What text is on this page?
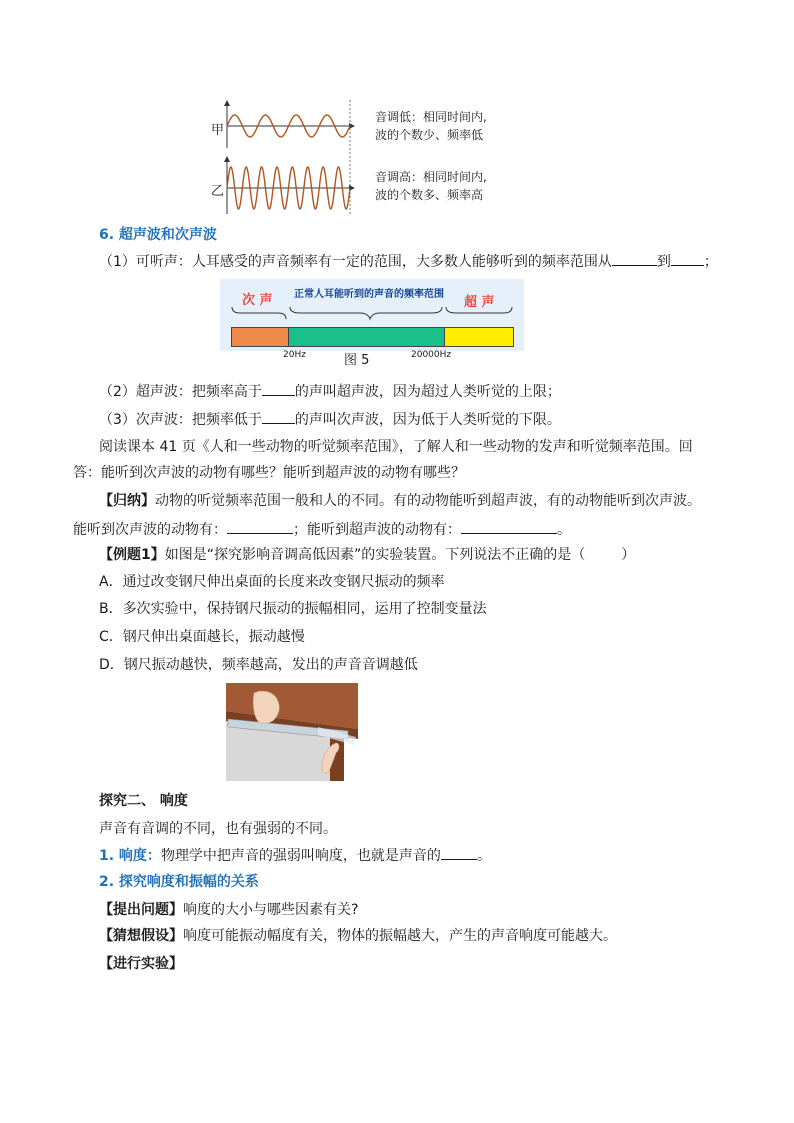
甲
乙
音调低：相同时间内,
波的个数少、频率低
音调高：相同时间内,
波的个数多、频率高
6. 超声波和次声波
（1）可听声：人耳感受的声音频率有一定的范围，大多数人能够听到的频率范围从	到 ；
次 声 正常人耳能听到的声音的频率范围
超 声
20Hz	20000Hz
图 5
（2）超声波：把频率高于 的声叫超声波，因为超过人类听觉的上限；
（3）次声波：把频率低于 的声叫次声波，因为低于人类听觉的下限。
阅读课本 41 页《人和一些动物的听觉频率范围》，了解人和一些动物的发声和听觉频率范围。回
答：能听到次声波的动物有哪些？能听到超声波的动物有哪些？
【归纳】动物的听觉频率范围一般和人的不同。有的动物能听到超声波，有的动物能听到次声波。
能听到次声波的动物有：	；能听到超声波的动物有：	。
【例题1】如图是“探究影响音调高低因素”的实验装置。下列说法不正确的是（	）
A．通过改变钢尺伸出桌面的长度来改变钢尺振动的频率
B．多次实验中，保持钢尺振动的振幅相同，运用了控制变量法
C．钢尺伸出桌面越长，振动越慢
D．钢尺振动越快，频率越高，发出的声音音调越低
探究二、 响度
声音有音调的不同，也有强弱的不同。
1. 响度：物理学中把声音的强弱叫响度，也就是声音的	。
2. 探究响度和振幅的关系
【提出问题】响度的大小与哪些因素有关?
【猜想假设】响度可能振动幅度有关，物体的振幅越大，产生的声音响度可能越大。
【进行实验】
